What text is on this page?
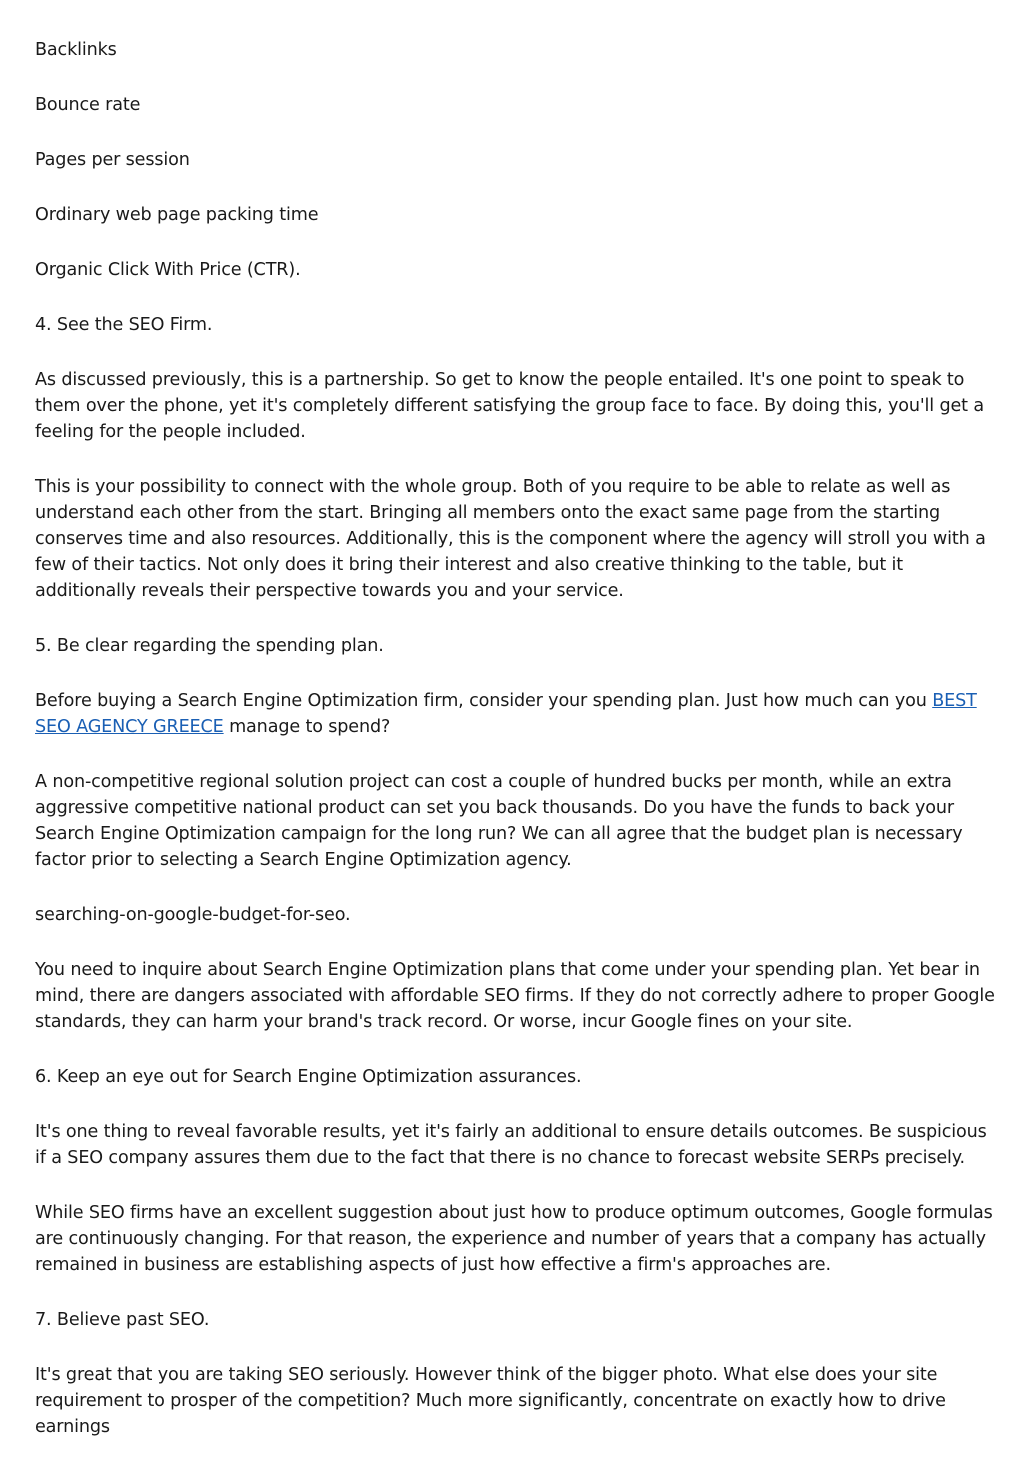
Backlinks

Bounce rate

Pages per session

Ordinary web page packing time

Organic Click With Price (CTR).

4. See the SEO Firm.

As discussed previously, this is a partnership. So get to know the people entailed. It's one point to speak to them over the phone, yet it's completely different satisfying the group face to face. By doing this, you'll get a feeling for the people included.

This is your possibility to connect with the whole group. Both of you require to be able to relate as well as understand each other from the start. Bringing all members onto the exact same page from the starting conserves time and also resources. Additionally, this is the component where the agency will stroll you with a few of their tactics. Not only does it bring their interest and also creative thinking to the table, but it additionally reveals their perspective towards you and your service.

5. Be clear regarding the spending plan.

Before buying a Search Engine Optimization firm, consider your spending plan. Just how much can you BEST SEO AGENCY GREECE manage to spend?

A non-competitive regional solution project can cost a couple of hundred bucks per month, while an extra aggressive competitive national product can set you back thousands. Do you have the funds to back your Search Engine Optimization campaign for the long run? We can all agree that the budget plan is necessary factor prior to selecting a Search Engine Optimization agency.

searching-on-google-budget-for-seo.

You need to inquire about Search Engine Optimization plans that come under your spending plan. Yet bear in mind, there are dangers associated with affordable SEO firms. If they do not correctly adhere to proper Google standards, they can harm your brand's track record. Or worse, incur Google fines on your site.

6. Keep an eye out for Search Engine Optimization assurances.

It's one thing to reveal favorable results, yet it's fairly an additional to ensure details outcomes. Be suspicious if a SEO company assures them due to the fact that there is no chance to forecast website SERPs precisely.

While SEO firms have an excellent suggestion about just how to produce optimum outcomes, Google formulas are continuously changing. For that reason, the experience and number of years that a company has actually remained in business are establishing aspects of just how effective a firm's approaches are.

7. Believe past SEO.

It's great that you are taking SEO seriously. However think of the bigger photo. What else does your site requirement to prosper of the competition? Much more significantly, concentrate on exactly how to drive earnings
